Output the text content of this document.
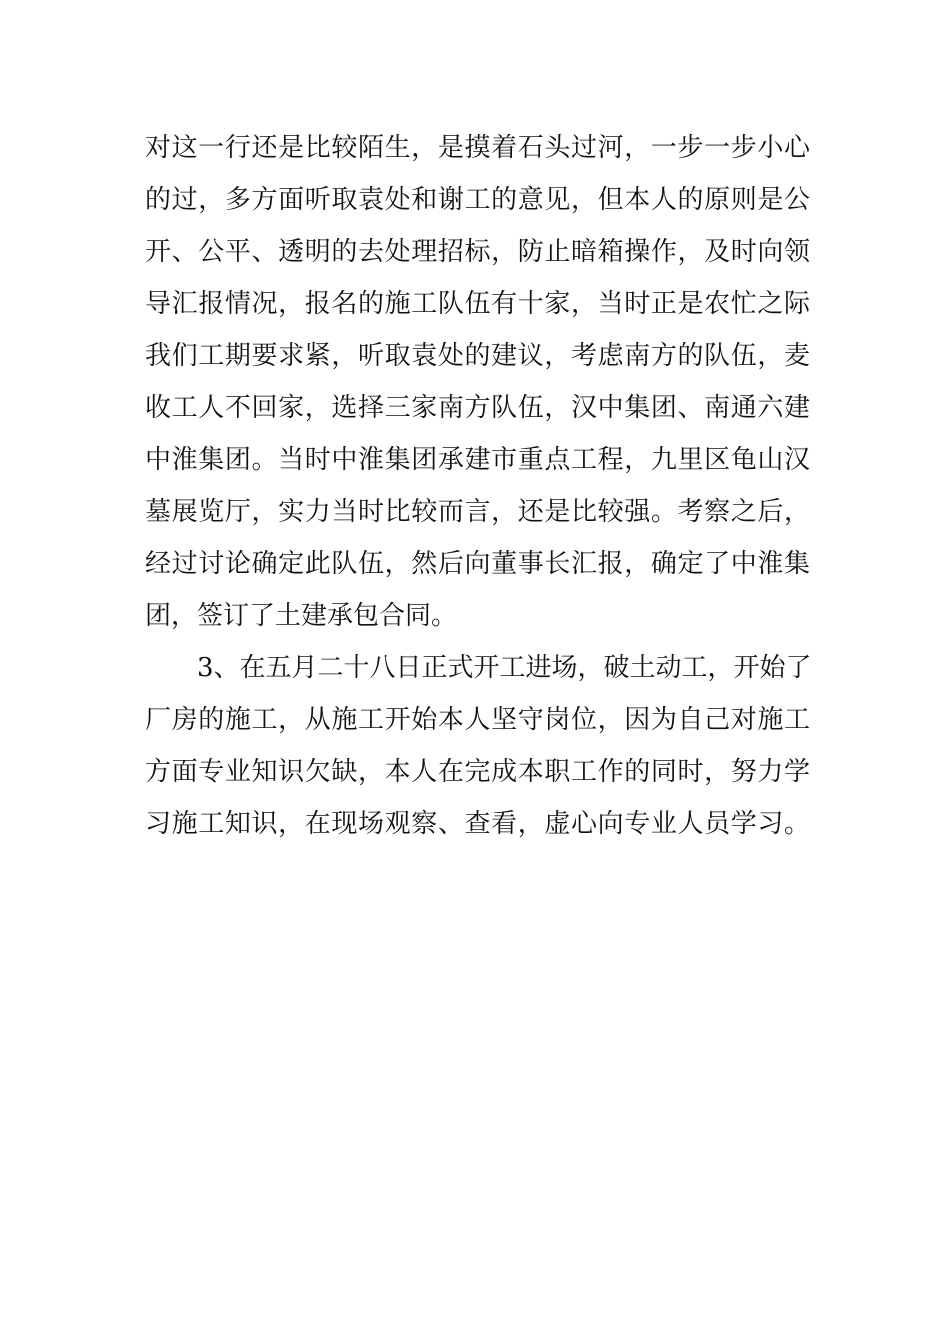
对这一行还是比较陌生，是摸着石头过河，一步一步小心
的过，多方面听取袁处和谢工的意见，但本人的原则是公
开、公平、透明的去处理招标，防止暗箱操作，及时向领
导汇报情况，报名的施工队伍有十家，当时正是农忙之际
我们工期要求紧，听取袁处的建议，考虑南方的队伍，麦
收工人不回家，选择三家南方队伍，汉中集团、南通六建
中淮集团。当时中淮集团承建市重点工程，九里区龟山汉
墓展览厅，实力当时比较而言，还是比较强。考察之后，
经过讨论确定此队伍，然后向董事长汇报，确定了中淮集
团，签订了土建承包合同。
3、在五月二十八日正式开工进场，破土动工，开始了
厂房的施工，从施工开始本人坚守岗位，因为自己对施工
方面专业知识欠缺，本人在完成本职工作的同时，努力学
习施工知识，在现场观察、查看，虚心向专业人员学习。
